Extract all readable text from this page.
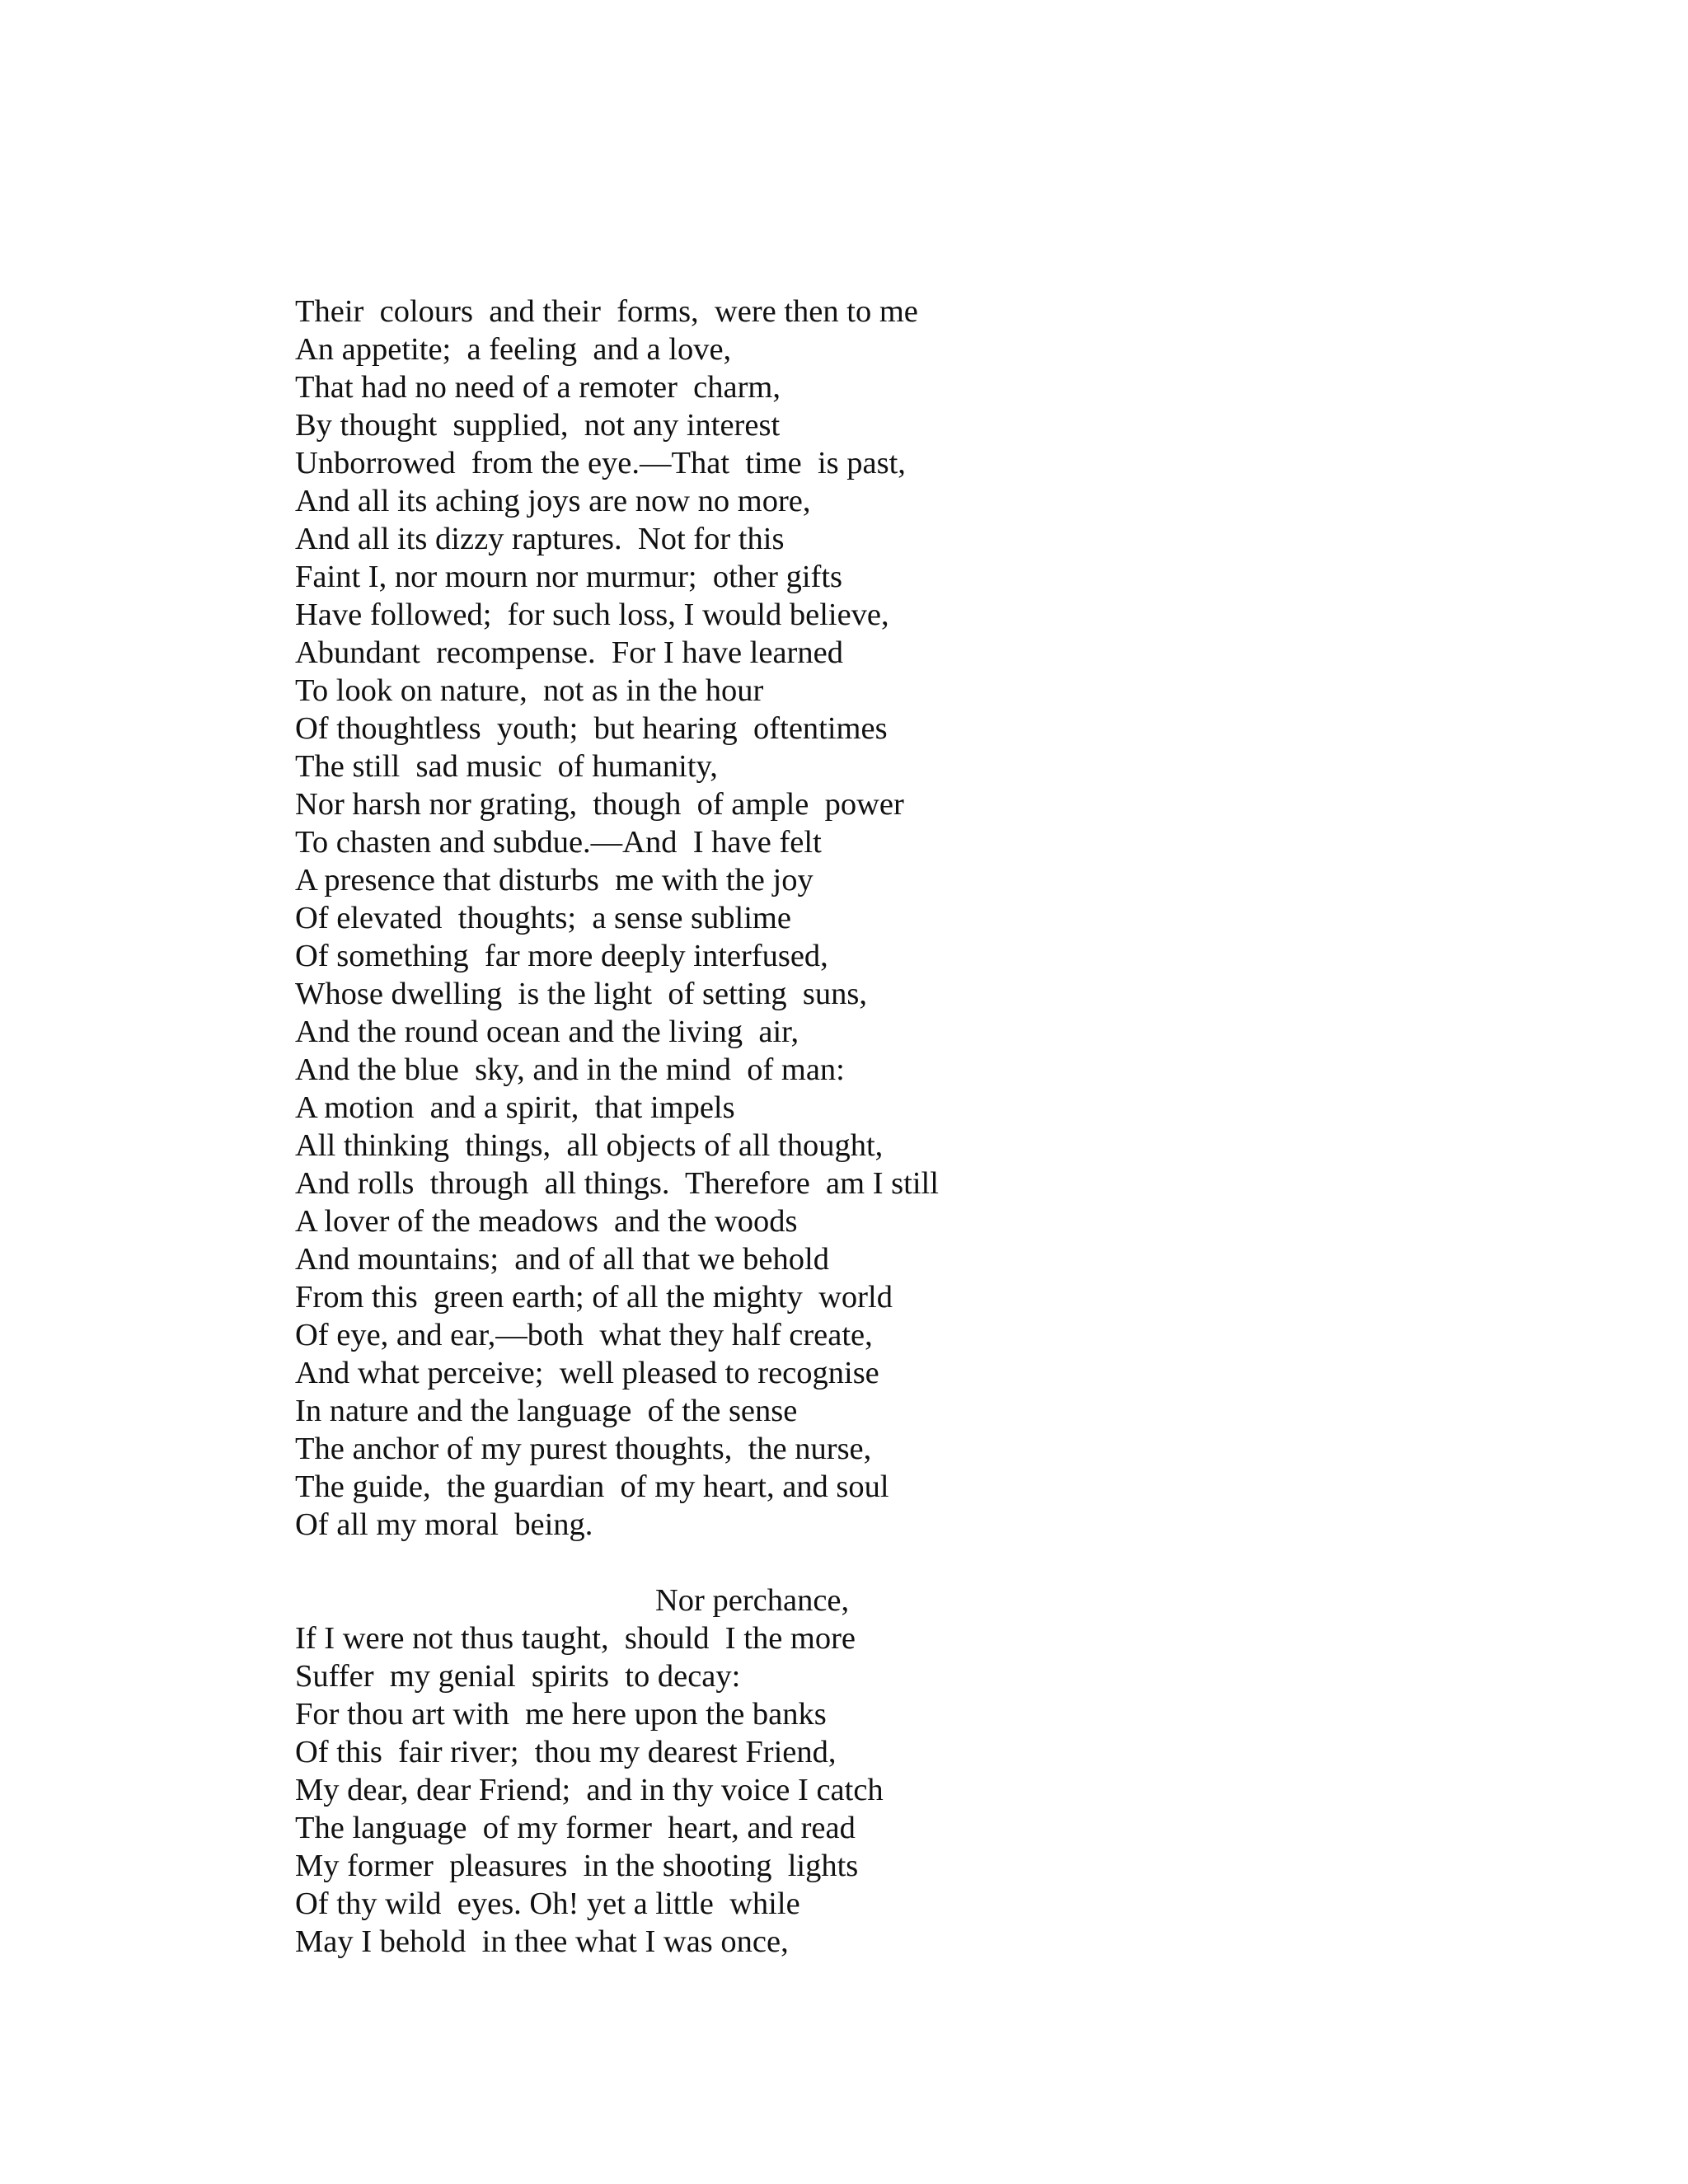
Their  colours  and their  forms,  were then to me
An appetite;  a feeling  and a love,
That had no need of a remoter  charm,
By thought  supplied,  not any interest
Unborrowed  from the eye.—That  time  is past,
And all its aching joys are now no more,
And all its dizzy raptures.  Not for this
Faint I, nor mourn nor murmur;  other gifts
Have followed;  for such loss, I would believe,
Abundant  recompense.  For I have learned
To look on nature,  not as in the hour
Of thoughtless  youth;  but hearing  oftentimes
The still  sad music  of humanity,
Nor harsh nor grating,  though  of ample  power
To chasten and subdue.—And  I have felt
A presence that disturbs  me with the joy
Of elevated  thoughts;  a sense sublime
Of something  far more deeply interfused,
Whose dwelling  is the light  of setting  suns,
And the round ocean and the living  air,
And the blue  sky, and in the mind  of man:
A motion  and a spirit,  that impels
All thinking  things,  all objects of all thought,
And rolls  through  all things.  Therefore  am I still
A lover of the meadows  and the woods
And mountains;  and of all that we behold
From this  green earth; of all the mighty  world
Of eye, and ear,—both  what they half create,
And what perceive;  well pleased to recognise
In nature and the language  of the sense
The anchor of my purest thoughts,  the nurse,
The guide,  the guardian  of my heart, and soul
Of all my moral  being.
Nor perchance,
If I were not thus taught,  should  I the more
Suffer  my genial  spirits  to decay:
For thou art with  me here upon the banks
Of this  fair river;  thou my dearest Friend,
My dear, dear Friend;  and in thy voice I catch
The language  of my former  heart, and read
My former  pleasures  in the shooting  lights
Of thy wild  eyes. Oh! yet a little  while
May I behold  in thee what I was once,
